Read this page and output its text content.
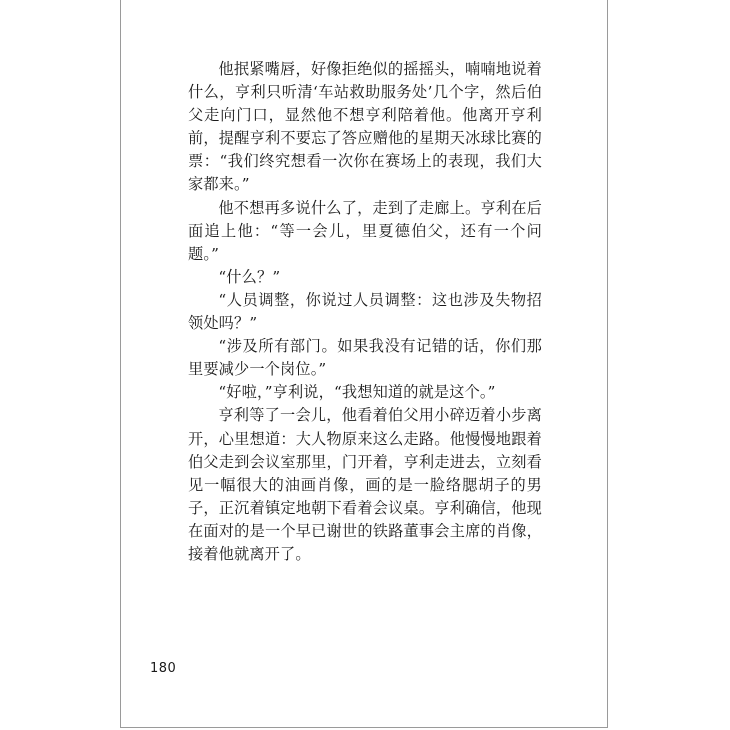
他抿紧嘴唇，好像拒绝似的摇摇头，喃喃地说着什么，亨利只听清‘车站救助服务处’几个字，然后伯父走向门口，显然他不想亨利陪着他。他离开亨利前，提醒亨利不要忘了答应赠他的星期天冰球比赛的票：“我们终究想看一次你在赛场上的表现，我们大家都来。”

他不想再多说什么了，走到了走廊上。亨利在后面追上他：“等一会儿，里夏德伯父，还有一个问题。”

“什么？”

“人员调整，你说过人员调整：这也涉及失物招领处吗？”

“涉及所有部门。如果我没有记错的话，你们那里要减少一个岗位。”

“好啦，”亨利说，“我想知道的就是这个。”

亨利等了一会儿，他看着伯父用小碎迈着小步离开，心里想道：大人物原来这么走路。他慢慢地跟着伯父走到会议室那里，门开着，亨利走进去，立刻看见一幅很大的油画肖像，画的是一脸络腮胡子的男子，正沉着镇定地朝下看着会议桌。亨利确信，他现在面对的是一个早已谢世的铁路董事会主席的肖像，接着他就离开了。

180
